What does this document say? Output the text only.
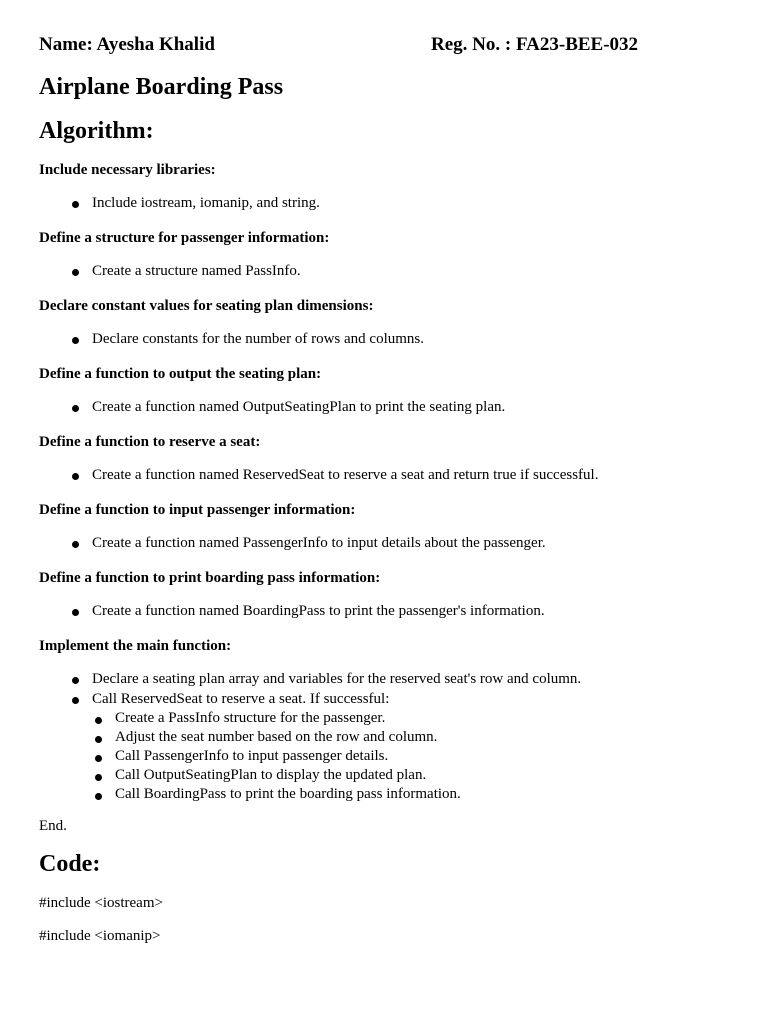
Name: Ayesha Khalid	Reg. No. : FA23-BEE-032
Airplane Boarding Pass
Algorithm:

Include necessary libraries:

Include iostream, iomanip, and string.

Define a structure for passenger information:

Create a structure named PassInfo.

Declare constant values for seating plan dimensions:

Declare constants for the number of rows and columns.

Define a function to output the seating plan:

Create a function named OutputSeatingPlan to print the seating plan.

Define a function to reserve a seat:

Create a function named ReservedSeat to reserve a seat and return true if successful.

Define a function to input passenger information:

Create a function named PassengerInfo to input details about the passenger.

Define a function to print boarding pass information:

Create a function named BoardingPass to print the passenger's information.

Implement the main function:

Declare a seating plan array and variables for the reserved seat's row and column.
Call ReservedSeat to reserve a seat. If successful:
Create a PassInfo structure for the passenger.
Adjust the seat number based on the row and column.
Call PassengerInfo to input passenger details.
Call OutputSeatingPlan to display the updated plan.
Call BoardingPass to print the boarding pass information.

End.

Code:

#include <iostream>

#include <iomanip>
